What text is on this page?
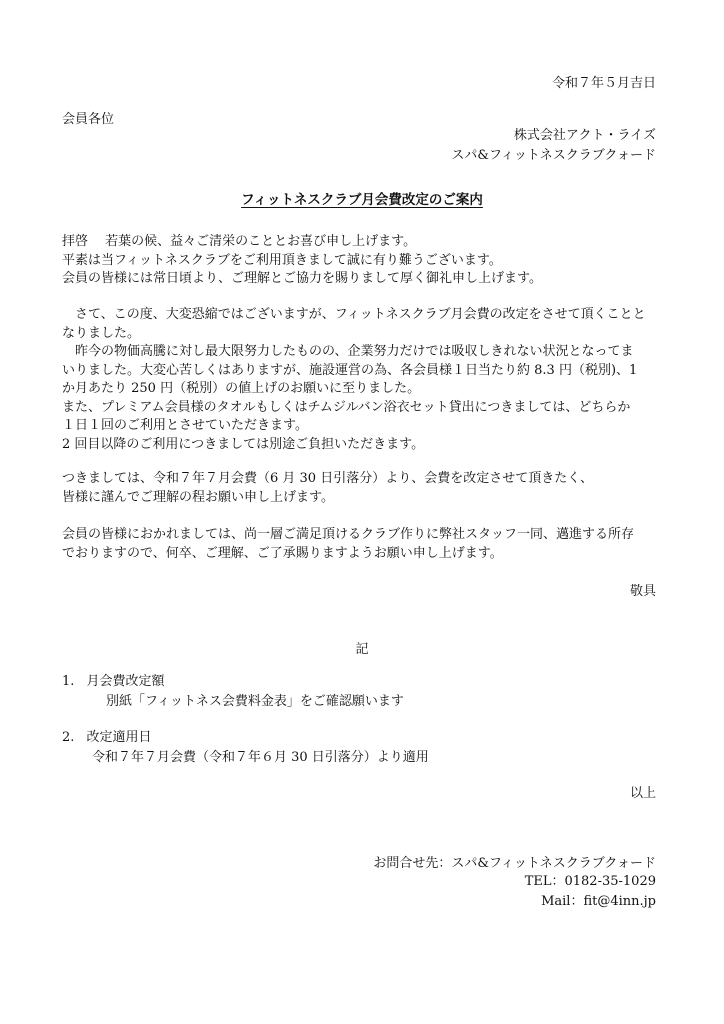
令和７年５月吉日
会員各位
株式会社アクト・ライズ
スパ&フィットネスクラブクォード
フィットネスクラブ月会費改定のご案内
拝啓　 若葉の候、益々ご清栄のこととお喜び申し上げます。
平素は当フィットネスクラブをご利用頂きまして誠に有り難うございます。
会員の皆様には常日頃より、ご理解とご協力を賜りまして厚く御礼申し上げます。
　さて、この度、大変恐縮ではございますが、フィットネスクラブ月会費の改定をさせて頂くことと
なりました。
　昨今の物価高騰に対し最大限努力したものの、企業努力だけでは吸収しきれない状況となってま
いりました。大変心苦しくはありますが、施設運営の為、各会員様１日当たり約 8.3 円（税別)、1
か月あたり 250 円（税別）の値上げのお願いに至りました。
また、プレミアム会員様のタオルもしくはチムジルバン浴衣セット貸出につきましては、どちらか
１日１回のご利用とさせていただきます。
2 回目以降のご利用につきましては別途ご負担いただきます。
つきましては、令和７年７月会費（6 月 30 日引落分）より、会費を改定させて頂きたく、
皆様に謹んでご理解の程お願い申し上げます。
会員の皆様におかれましては、尚一層ご満足頂けるクラブ作りに弊社スタッフ一同、邁進する所存
でおりますので、何卒、ご理解、ご了承賜りますようお願い申し上げます。
敬具
記
1. 月会費改定額
別紙「フィットネス会費料金表」をご確認願います
2. 改定適用日
令和７年７月会費（令和７年６月 30 日引落分）より適用
以上
お問合せ先：スパ&フィットネスクラブクォード
TEL：0182-35-1029
Mail：fit@4inn.jp
